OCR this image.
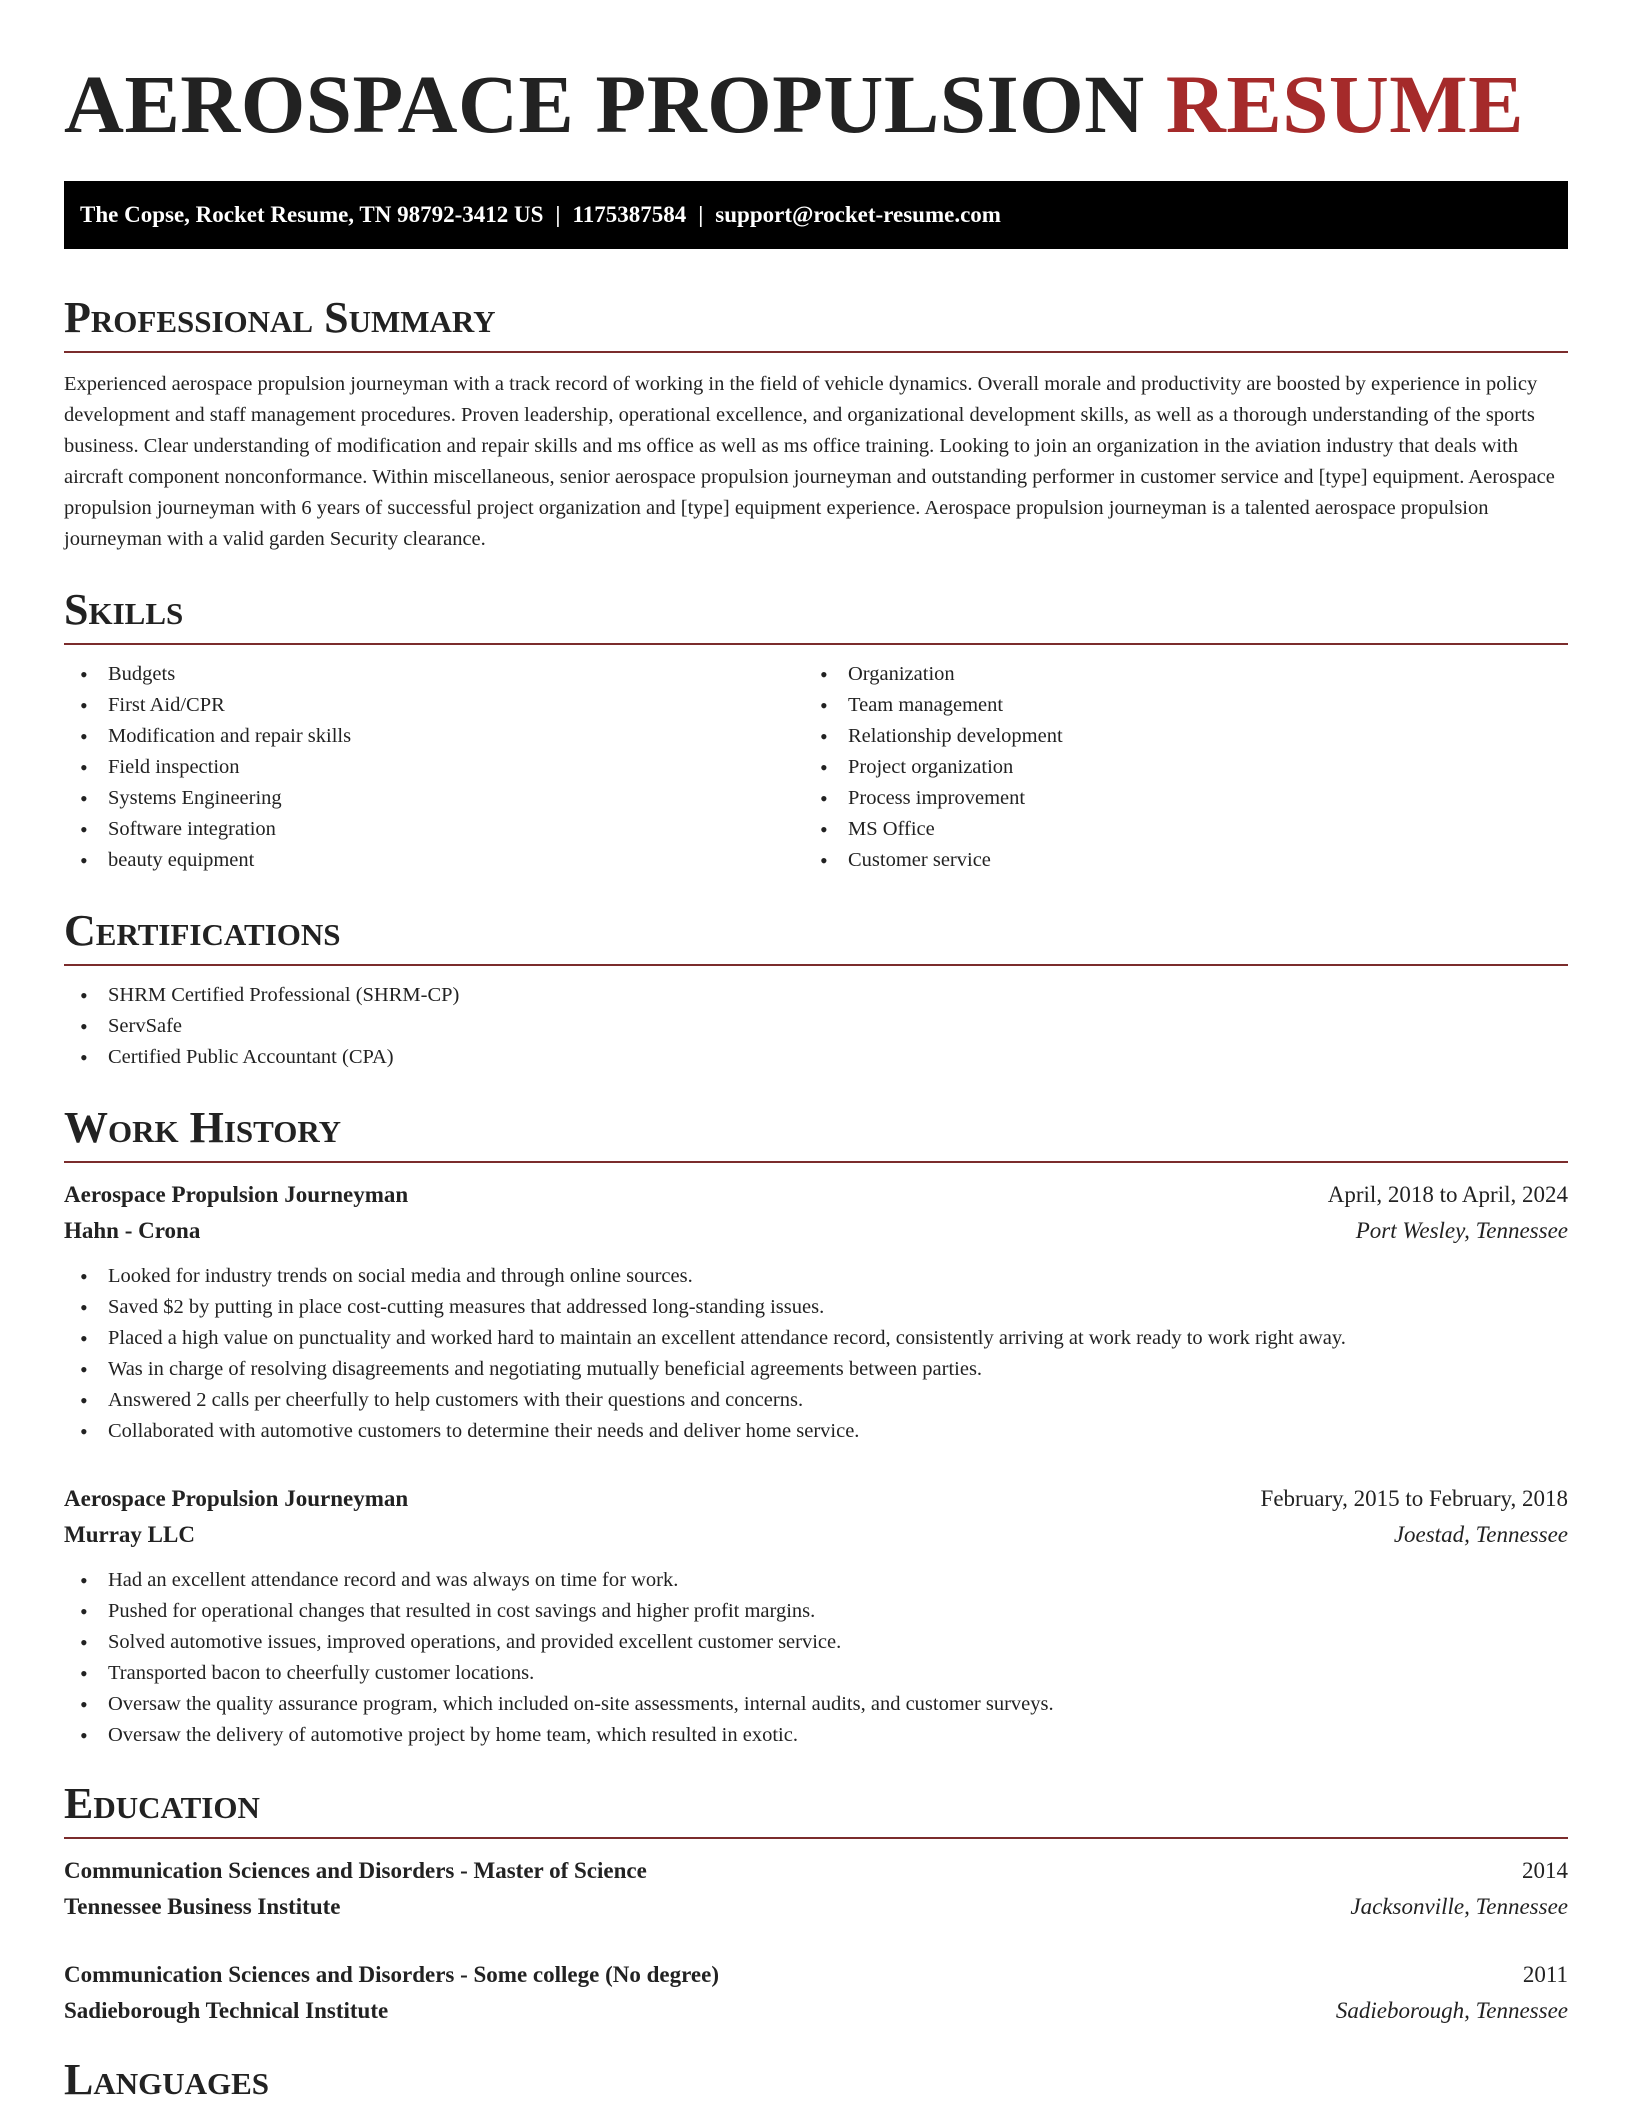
AEROSPACE PROPULSION RESUME
The Copse, Rocket Resume, TN 98792-3412 US | 1175387584 | support@rocket-resume.com
Professional Summary

Experienced aerospace propulsion journeyman with a track record of working in the field of vehicle dynamics. Overall morale and productivity are boosted by experience in policy development and staff management procedures. Proven leadership, operational excellence, and organizational development skills, as well as a thorough understanding of the sports business. Clear understanding of modification and repair skills and ms office as well as ms office training. Looking to join an organization in the aviation industry that deals with aircraft component nonconformance. Within miscellaneous, senior aerospace propulsion journeyman and outstanding performer in customer service and [type] equipment. Aerospace propulsion journeyman with 6 years of successful project organization and [type] equipment experience. Aerospace propulsion journeyman is a talented aerospace propulsion journeyman with a valid garden Security clearance.

Skills
• Budgets
• First Aid/CPR
• Modification and repair skills
• Field inspection
• Systems Engineering
• Software integration
• beauty equipment
• Organization
• Team management
• Relationship development
• Project organization
• Process improvement
• MS Office
• Customer service
Certifications
• SHRM Certified Professional (SHRM-CP)
• ServSafe
• Certified Public Accountant (CPA)
Work History
Aerospace Propulsion Journeyman	April, 2018 to April, 2024
Hahn - Crona	Port Wesley, Tennessee
• Looked for industry trends on social media and through online sources.
• Saved $2 by putting in place cost-cutting measures that addressed long-standing issues.
• Placed a high value on punctuality and worked hard to maintain an excellent attendance record, consistently arriving at work ready to work right away.
• Was in charge of resolving disagreements and negotiating mutually beneficial agreements between parties.
• Answered 2 calls per cheerfully to help customers with their questions and concerns.
• Collaborated with automotive customers to determine their needs and deliver home service.
Aerospace Propulsion Journeyman	February, 2015 to February, 2018
Murray LLC	Joestad, Tennessee
• Had an excellent attendance record and was always on time for work.
• Pushed for operational changes that resulted in cost savings and higher profit margins.
• Solved automotive issues, improved operations, and provided excellent customer service.
• Transported bacon to cheerfully customer locations.
• Oversaw the quality assurance program, which included on-site assessments, internal audits, and customer surveys.
• Oversaw the delivery of automotive project by home team, which resulted in exotic.
Education
Communication Sciences and Disorders - Master of Science	2014
Tennessee Business Institute	Jacksonville, Tennessee
Communication Sciences and Disorders - Some college (No degree)	2011
Sadieborough Technical Institute	Sadieborough, Tennessee
Languages
